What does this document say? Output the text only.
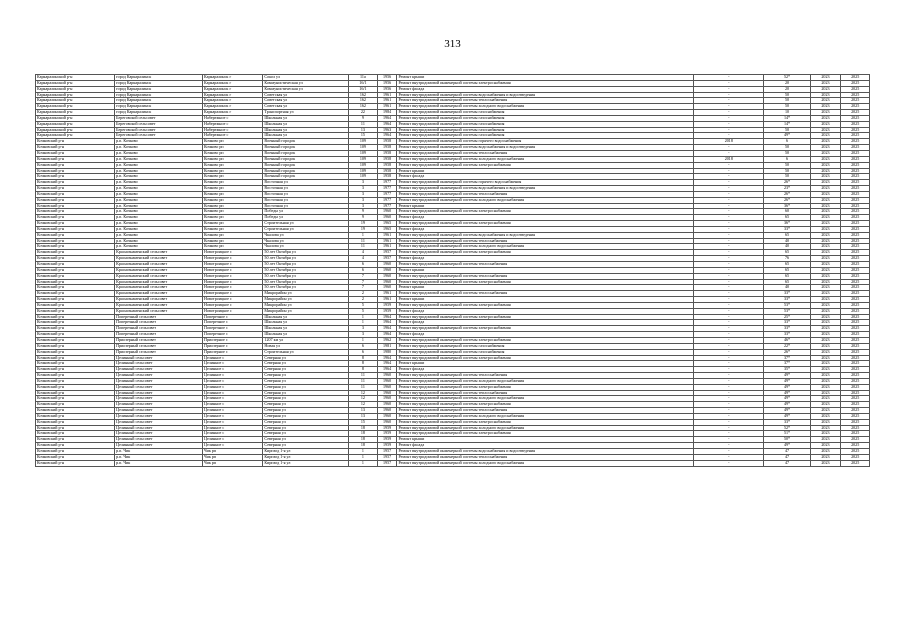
313
Каркаралинский р-н	город Каркаралинск	Каркаралинск г	Сокол ул	11а	1956	Ремонт крыши	-	52*	2023	2025
Каркаралинский р-н	город Каркаралинск	Каркаралинск г	Коммунистическая ул	16/1	1956	Ремонт внутридомовой инженерной системы электроснабжения	-	20	2023	2025
Каркаралинский р-н	город Каркаралинск	Каркаралинск г	Коммунистическая ул	16/1	1956	Ремонт фасада	-	20	2023	2025
Каркаралинский р-н	город Каркаралинск	Каркаралинск г	Советская ул	162	1961	Ремонт внутридомовой инженерной системы водоснабжения и водоотведения	-	50	2023	2025
Каркаралинский р-н	город Каркаралинск	Каркаралинск г	Советская ул	162	1961	Ремонт внутридомовой инженерной системы теплоснабжения	-	50	2023	2025
Каркаралинский р-н	город Каркаралинск	Каркаралинск г	Советская ул	162	1961	Ремонт внутридомовой инженерной системы холодного водоснабжения	-	50	2023	2025
Каркаралинский р-н	город Каркаралинск	Каркаралинск г	Транспортная ул	22	1984	Ремонт внутридомовой инженерной системы газоснабжения	-	10	2023	2025
Каркаралинский р-н	Береговской сельсовет	Набережное с	Школьная ул	9	1964	Ремонт внутридомовой инженерной системы газоснабжения	-	14*	2023	2025
Каркаралинский р-н	Береговской сельсовет	Набережное с	Школьная ул	11	1964	Ремонт внутридомовой инженерной системы газоснабжения	-	14*	2023	2025
Каркаралинский р-н	Береговской сельсовет	Набережное с	Школьная ул	13	1963	Ремонт внутридомовой инженерной системы газоснабжения	-	50	2023	2025
Каркаралинский р-н	Береговской сельсовет	Набережное с	Школьная ул	15	1964	Ремонт внутридомовой инженерной системы газоснабжения	-	49*	2023	2025
Кочковский р-н	р.п. Кочково	Кочково рп	Военный городок	109	1958	Ремонт внутридомовой инженерной системы горячего водоснабжения	2018	6	2023	2025
Кочковский р-н	р.п. Кочково	Кочково рп	Военный городок	109	1958	Ремонт внутридомовой инженерной системы водоснабжения и водоотведения	-	50	2023	2025
Кочковский р-н	р.п. Кочково	Кочково рп	Военный городок	109	1958	Ремонт внутридомовой инженерной системы теплоснабжения	-	50	2023	2025
Кочковский р-н	р.п. Кочково	Кочково рп	Военный городок	109	1958	Ремонт внутридомовой инженерной системы холодного водоснабжения	2018	6	2023	2025
Кочковский р-н	р.п. Кочково	Кочково рп	Военный городок	109	1958	Ремонт внутридомовой инженерной системы электроснабжения	-	50	2023	2025
Кочковский р-н	р.п. Кочково	Кочково рп	Военный городок	109	1958	Ремонт крыши	-	50	2023	2025
Кочковский р-н	р.п. Кочково	Кочково рп	Военный городок	109	1958	Ремонт фасада	-	50	2023	2025
Кочковский р-н	р.п. Кочково	Кочково рп	Восточная ул	3	1977	Ремонт внутридомовой инженерной системы горячего водоснабжения	-	26*	2023	2025
Кочковский р-н	р.п. Кочково	Кочково рп	Восточная ул	3	1977	Ремонт внутридомовой инженерной системы водоснабжения и водоотведения	-	23*	2023	2025
Кочковский р-н	р.п. Кочково	Кочково рп	Восточная ул	3	1977	Ремонт внутридомовой инженерной системы теплоснабжения	-	26*	2023	2025
Кочковский р-н	р.п. Кочково	Кочково рп	Восточная ул	3	1977	Ремонт внутридомовой инженерной системы холодного водоснабжения	-	26*	2023	2025
Кочковский р-н	р.п. Кочково	Кочково рп	Восточная ул	3	1977	Ремонт крыши	-	36*	2023	2025
Кочковский р-н	р.п. Кочково	Кочково рп	Победы ул	9	1960	Ремонт внутридомовой инженерной системы электроснабжения	-	60	2023	2025
Кочковский р-н	р.п. Кочково	Кочково рп	Победы ул	9	1960	Ремонт фасада	-	65	2023	2025
Кочковский р-н	р.п. Кочково	Кочково рп	Строительная ул	19	1965	Ремонт внутридомовой инженерной системы электроснабжения	-	36*	2023	2025
Кочковский р-н	р.п. Кочково	Кочково рп	Строительная ул	19	1965	Ремонт фасада	-	33*	2023	2025
Кочковский р-н	р.п. Кочково	Кочково рп	Чкалова ул	1	1961	Ремонт внутридомовой инженерной системы водоснабжения и водоотведения	-	65	2023	2025
Кочковский р-н	р.п. Кочково	Кочково рп	Чкалова ул	11	1961	Ремонт внутридомовой инженерной системы теплоснабжения	-	40	2023	2025
Кочковский р-н	р.п. Кочково	Кочково рп	Чкалова ул	11	1961	Ремонт внутридомовой инженерной системы холодного водоснабжения	-	40	2023	2025
Кочковский р-н	Краснознаменский сельсовет	Новотроицкое с	50 лет Октября ул	4	1957	Ремонт внутридомовой инженерной системы электроснабжения	-	65	2023	2025
Кочковский р-н	Краснознаменский сельсовет	Новотроицкое с	50 лет Октября ул	4	1957	Ремонт фасада	-	76	2023	2025
Кочковский р-н	Краснознаменский сельсовет	Новотроицкое с	50 лет Октября ул	6	1960	Ремонт внутридомовой инженерной системы теплоснабжения	-	65	2023	2025
Кочковский р-н	Краснознаменский сельсовет	Новотроицкое с	50 лет Октября ул	6	1960	Ремонт крыши	-	65	2023	2025
Кочковский р-н	Краснознаменский сельсовет	Новотроицкое с	50 лет Октября ул	7	1960	Ремонт внутридомовой инженерной системы теплоснабжения	-	65	2023	2025
Кочковский р-н	Краснознаменский сельсовет	Новотроицкое с	50 лет Октября ул	7	1960	Ремонт внутридомовой инженерной системы электроснабжения	-	65	2023	2025
Кочковский р-н	Краснознаменский сельсовет	Новотроицкое с	50 лет Октября ул	7	1960	Ремонт крыши	-	40	2023	2025
Кочковский р-н	Краснознаменский сельсовет	Новотроицкое с	Микрорайон ул	2	1961	Ремонт внутридомовой инженерной системы теплоснабжения	-	33*	2023	2025
Кочковский р-н	Краснознаменский сельсовет	Новотроицкое с	Микрорайон ул	2	1961	Ремонт крыши	-	33*	2023	2025
Кочковский р-н	Краснознаменский сельсовет	Новотроицкое с	Микрорайон ул	5	1959	Ремонт внутридомовой инженерной системы электроснабжения	-	53*	2023	2025
Кочковский р-н	Краснознаменский сельсовет	Новотроицкое с	Микрорайон ул	5	1959	Ремонт фасада	-	53*	2023	2025
Кочковский р-н	Поперечный сельсовет	Поперечное с	Школьная ул	1	1964	Ремонт внутридомовой инженерной системы электроснабжения	-	25*	2023	2025
Кочковский р-н	Поперечный сельсовет	Поперечное с	Школьная ул	1	1964	Ремонт фасада	-	33*	2023	2025
Кочковский р-н	Поперечный сельсовет	Поперечное с	Школьная ул	3	1964	Ремонт внутридомовой инженерной системы электроснабжения	-	33*	2023	2025
Кочковский р-н	Поперечный сельсовет	Поперечное с	Школьная ул	3	1964	Ремонт фасада	-	33*	2023	2025
Кочковский р-н	Приозерный сельсовет	Приозерное с	1207 км ул	1	1962	Ремонт внутридомовой инженерной системы электроснабжения	-	46*	2023	2025
Кочковский р-н	Приозерный сельсовет	Приозерное с	Новая ул	6	1981	Ремонт внутридомовой инженерной системы газоснабжения	-	22*	2023	2025
Кочковский р-н	Приозерный сельсовет	Приозерное с	Строительная ул	6	1980	Ремонт внутридомовой инженерной системы газоснабжения	-	26*	2023	2025
Кочковский р-н	Целинный сельсовет	Целинное с	Северная ул	8	1964	Ремонт внутридомовой инженерной системы электроснабжения	-	37*	2023	2025
Кочковский р-н	Целинный сельсовет	Целинное с	Северная ул	8	1964	Ремонт крыши	-	37*	2023	2025
Кочковский р-н	Целинный сельсовет	Целинное с	Северная ул	8	1964	Ремонт фасада	-	35*	2023	2025
Кочковский р-н	Целинный сельсовет	Целинное с	Северная ул	11	1960	Ремонт внутридомовой инженерной системы теплоснабжения	-	49*	2023	2025
Кочковский р-н	Целинный сельсовет	Целинное с	Северная ул	11	1960	Ремонт внутридомовой инженерной системы холодного водоснабжения	-	49*	2023	2025
Кочковский р-н	Целинный сельсовет	Целинное с	Северная ул	11	1960	Ремонт внутридомовой инженерной системы электроснабжения	-	49*	2023	2025
Кочковский р-н	Целинный сельсовет	Целинное с	Северная ул	12	1960	Ремонт внутридомовой инженерной системы теплоснабжения	-	49*	2023	2025
Кочковский р-н	Целинный сельсовет	Целинное с	Северная ул	12	1960	Ремонт внутридомовой инженерной системы холодного водоснабжения	-	49*	2023	2025
Кочковский р-н	Целинный сельсовет	Целинное с	Северная ул	12	1960	Ремонт внутридомовой инженерной системы электроснабжения	-	49*	2023	2025
Кочковский р-н	Целинный сельсовет	Целинное с	Северная ул	13	1960	Ремонт внутридомовой инженерной системы теплоснабжения	-	49*	2023	2025
Кочковский р-н	Целинный сельсовет	Целинное с	Северная ул	13	1960	Ремонт внутридомовой инженерной системы холодного водоснабжения	-	49*	2023	2025
Кочковский р-н	Целинный сельсовет	Целинное с	Северная ул	15	1960	Ремонт внутридомовой инженерной системы электроснабжения	-	33*	2023	2025
Кочковский р-н	Целинный сельсовет	Целинное с	Северная ул	18	1959	Ремонт внутридомовой инженерной системы холодного водоснабжения	-	52*	2023	2025
Кочковский р-н	Целинный сельсовет	Целинное с	Северная ул	18	1959	Ремонт внутридомовой инженерной системы электроснабжения	-	51*	2023	2025
Кочковский р-н	Целинный сельсовет	Целинное с	Северная ул	18	1959	Ремонт крыши	-	50*	2023	2025
Кочковский р-н	Целинный сельсовет	Целинное с	Северная ул	18	1959	Ремонт фасада	-	49*	2023	2025
Кочковский р-н	р.п. Чик	Чик рп	Кирпзод 1-я ул	1	1957	Ремонт внутридомовой инженерной системы водоснабжения и водоотведения	-	47	2023	2025
Кочковский р-н	р.п. Чик	Чик рп	Кирпзод 1-я ул	1	1957	Ремонт внутридомовой инженерной системы теплоснабжения	-	47	2023	2025
Кочковский р-н	р.п. Чик	Чик рп	Кирпзод 1-я ул	1	1957	Ремонт внутридомовой инженерной системы холодного водоснабжения	-	47	2023	2025
